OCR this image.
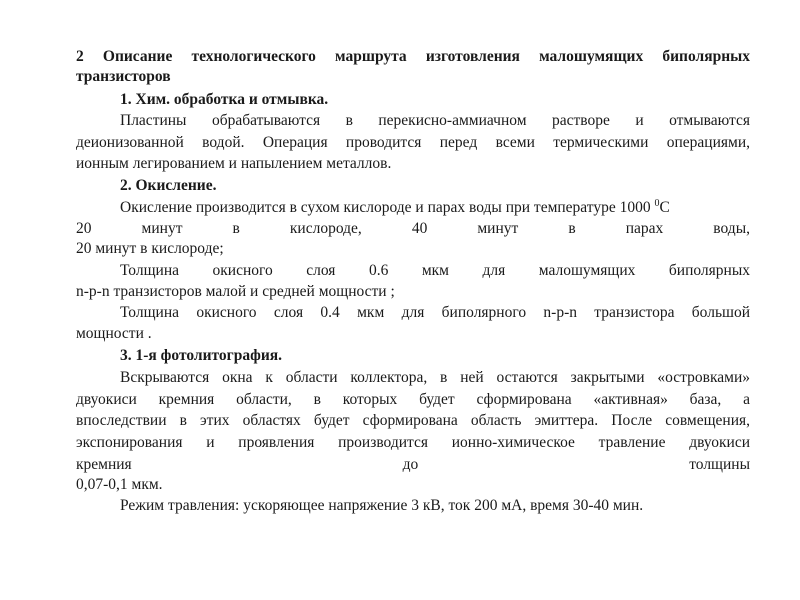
2 Описание технологического маршрута изготовления малошумящих биполярных
транзисторов
1. Хим. обработка и отмывка.
Пластины обрабатываются в перекисно-аммиачном растворе и отмываются
деионизованной водой. Операция проводится перед всеми термическими операциями,
ионным легированием и напылением металлов.
2. Окисление.
Окисление производится в сухом кислороде и парах воды при температуре 1000 $^0$С
20 минут в кислороде, 40 минут в парах воды,
20 минут в кислороде;
Толщина окисного слоя 0.6 мкм для малошумящих биполярных
n-p-n транзисторов малой и средней мощности ;
Толщина окисного слоя 0.4 мкм для биполярного n-p-n транзистора большой
мощности .
3. 1-я фотолитография.
Вскрываются окна к области коллектора, в ней остаются закрытыми «островками»
двуокиси кремния области, в которых будет сформирована «активная» база, а
впоследствии в этих областях будет сформирована область эмиттера. После совмещения,
экспонирования и проявления производится ионно-химическое травление двуокиси
кремния до толщины
0,07-0,1 мкм.
Режим травления: ускоряющее напряжение 3 кВ, ток 200 мА, время 30-40 мин.
